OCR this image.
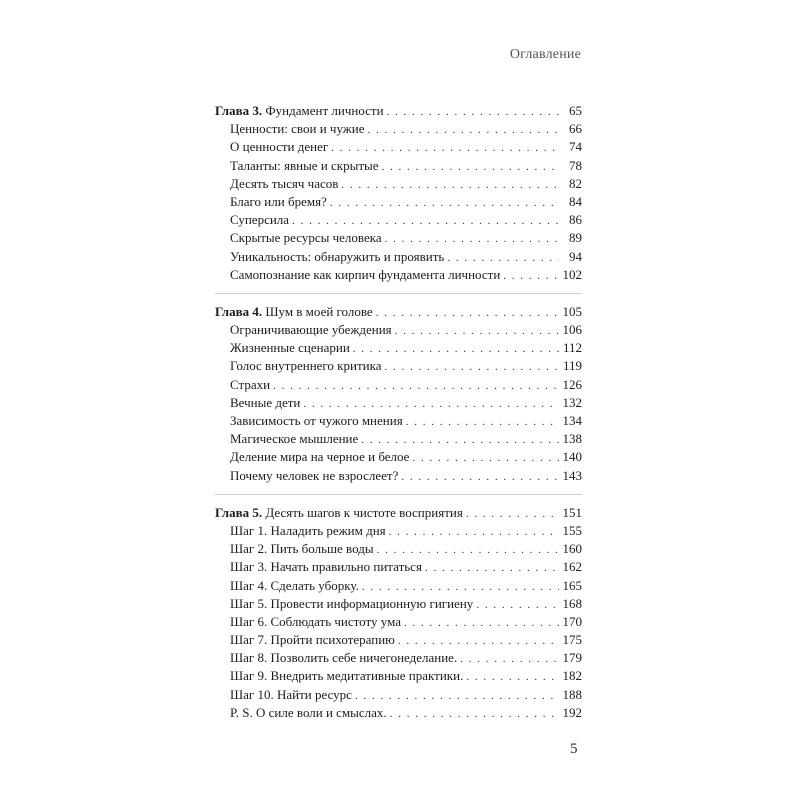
Оглавление
Глава 3. Фундамент личности . . .	65
Ценности: свои и чужие . . .	66
О ценности денег . . .	74
Таланты: явные и скрытые . . .	78
Десять тысяч часов . . .	82
Благо или бремя? . . .	84
Суперсила . . .	86
Скрытые ресурсы человека . . .	89
Уникальность: обнаружить и проявить . . .	94
Самопознание как кирпич фундамента личности . . .	102
Глава 4. Шум в моей голове . . .	105
Ограничивающие убеждения . . .	106
Жизненные сценарии . . .	112
Голос внутреннего критика . . .	119
Страхи . . .	126
Вечные дети . . .	132
Зависимость от чужого мнения . . .	134
Магическое мышление . . .	138
Деление мира на черное и белое . . .	140
Почему человек не взрослеет? . . .	143
Глава 5. Десять шагов к чистоте восприятия . . .	151
Шаг 1. Наладить режим дня . . .	155
Шаг 2. Пить больше воды . . .	160
Шаг 3. Начать правильно питаться . . .	162
Шаг 4. Сделать уборку. . . .	165
Шаг 5. Провести информационную гигиену . . .	168
Шаг 6. Соблюдать чистоту ума . . .	170
Шаг 7. Пройти психотерапию . . .	175
Шаг 8. Позволить себе ничегонеделание. . . .	179
Шаг 9. Внедрить медитативные практики. . . .	182
Шаг 10. Найти ресурс . . .	188
P. S. О силе воли и смыслах. . . .	192
5
